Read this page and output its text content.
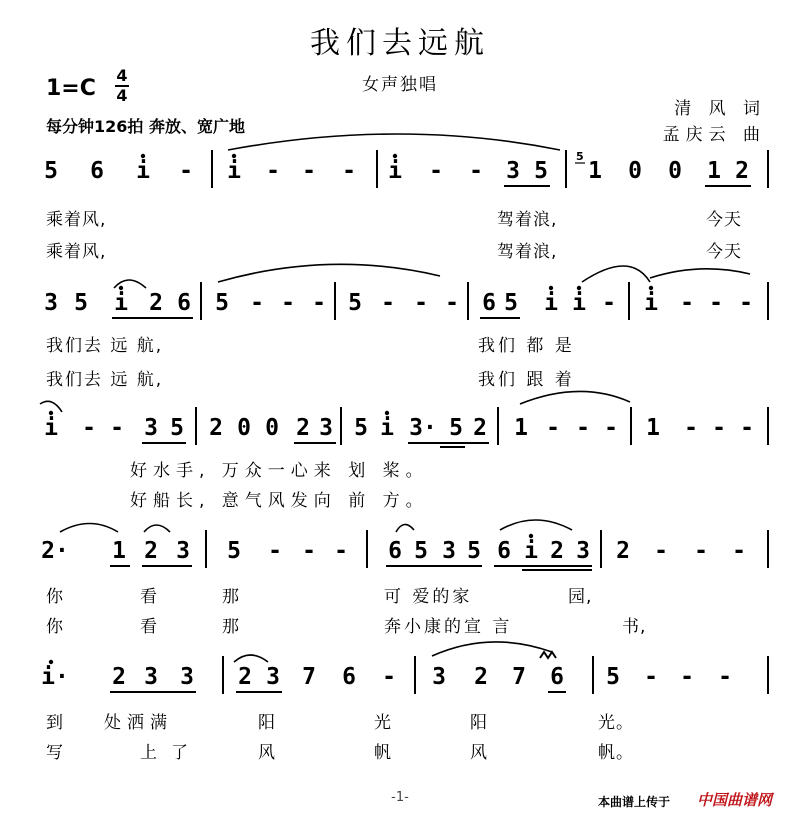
我们去远航
女声独唱
1=C
4
4
每分钟126拍 奔放、宽广地
清 风 词
孟庆云 曲
5 6 i - i - - - i - - 3 5 1 0 0 1 2
乘着风,	驾着浪,	今天
乘着风,	驾着浪,	今天
3 5 i 2 6 5 - - - 5 - - - 6 5 i i - i - - -
我们去 远 航,	我们 都 是
我们去 远 航,	我们 跟 着
i - - 3 5 2 0 0 2 3 5 i 3· 5 2 1 - - - 1 - - -
好水手, 万众一心来 划 桨。
好船长, 意气风发向 前 方。
2· 1 2 3 5 - - - 6 5 3 5 6 i 2 3 2 - - -
你	看	那	可 爱的家	园,
你	看	那	奔小康的宣 言	书,
i· 2 3 3 2 3 7 6 - 3 2 7 6 5 - - -
到 处洒满	阳	光	阳	光。
写	上了	风	帆	风	帆。
5
-1-	本曲谱上传于 中国曲谱网
